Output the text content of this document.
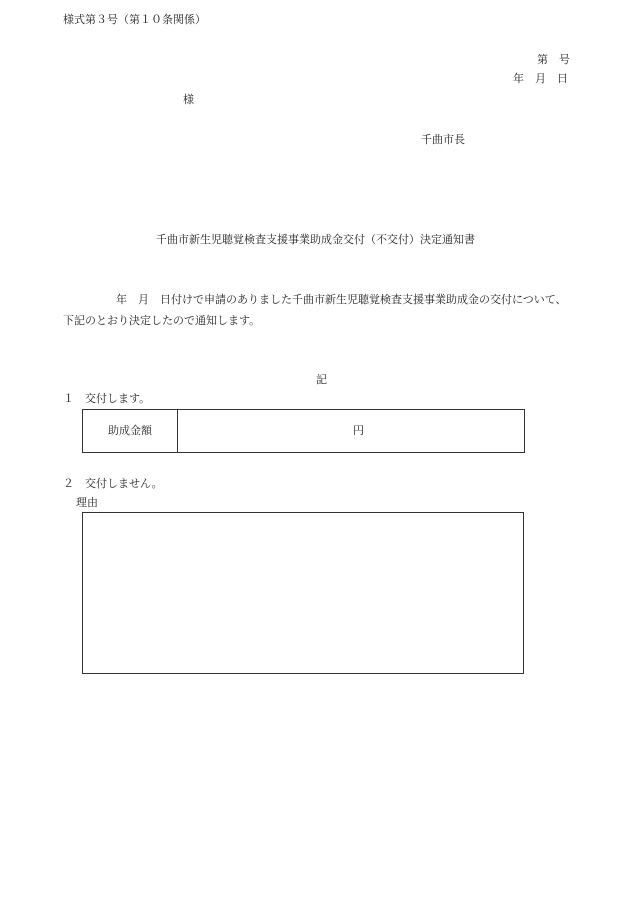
様式第３号（第１０条関係）
第　号
年　月　日
様
千曲市長
千曲市新生児聴覚検査支援事業助成金交付（不交付）決定通知書
年　月　日付けで申請のありました千曲市新生児聴覚検査支援事業助成金の交付について、
下記のとおり決定したので通知します。
記
１　交付します。
助成金額	円
２　交付しません。
理由
